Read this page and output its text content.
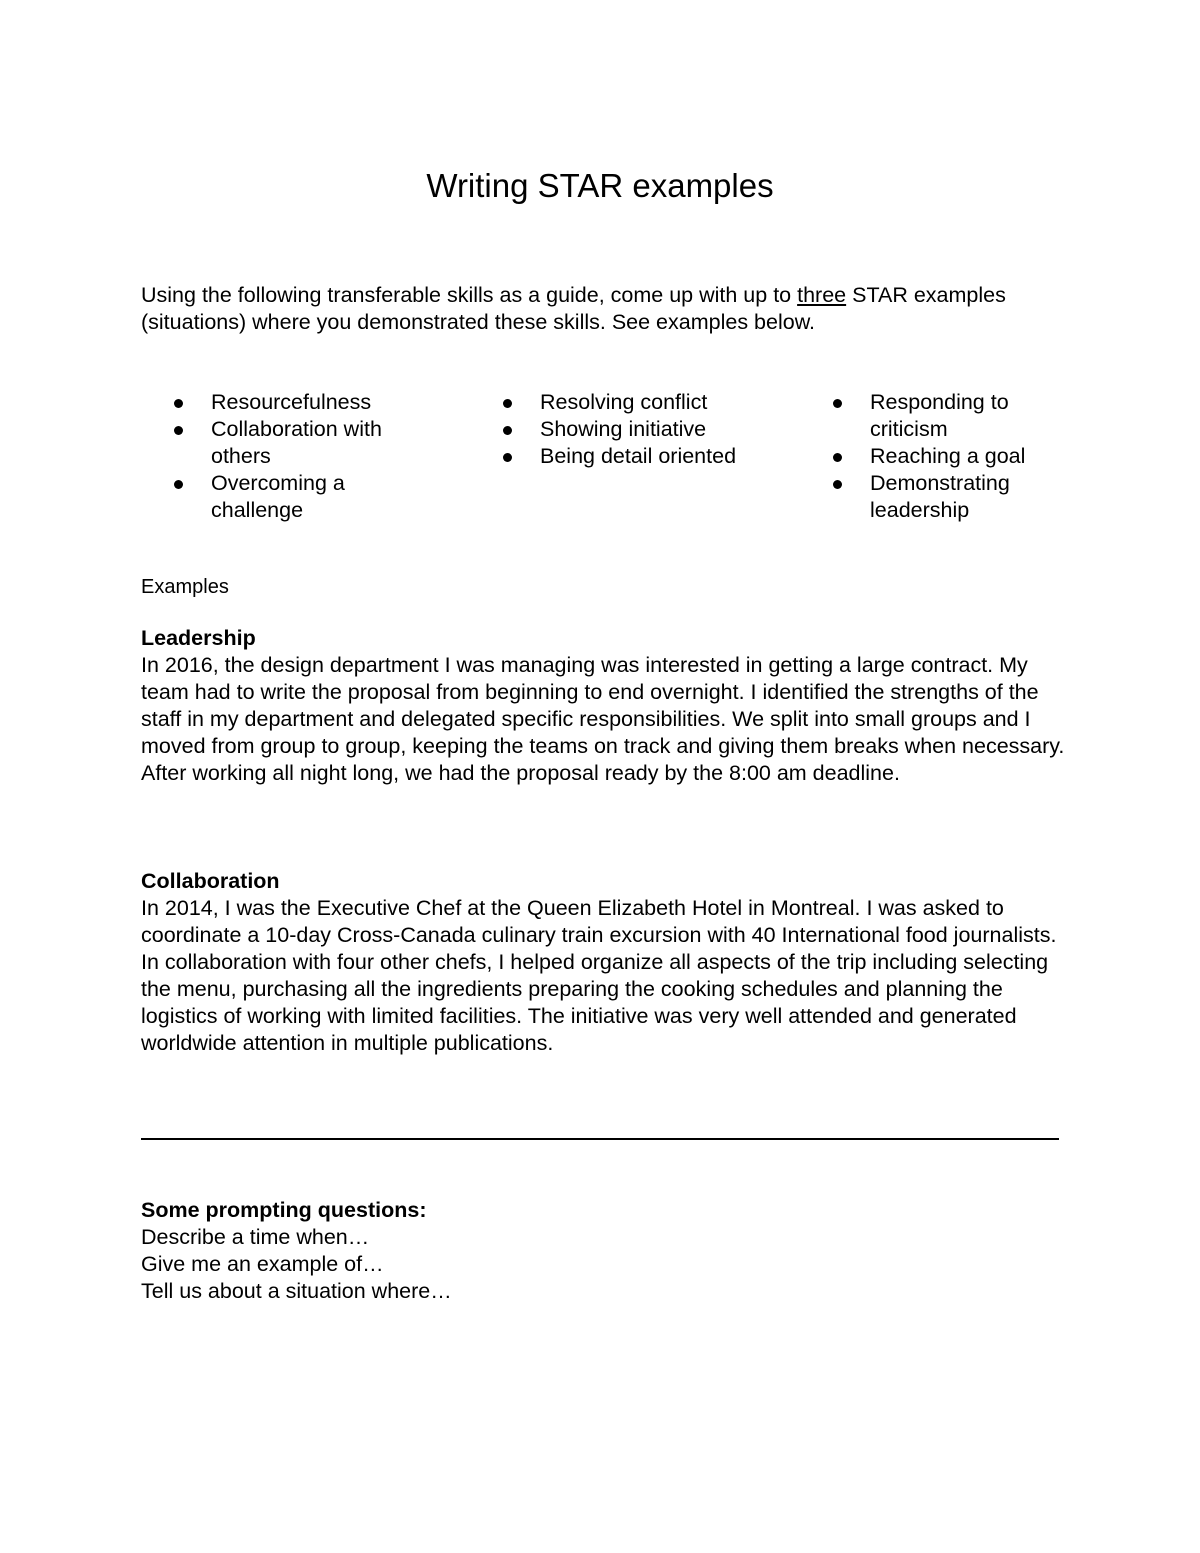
Writing STAR examples

Using the following transferable skills as a guide, come up with up to three STAR examples (situations) where you demonstrated these skills. See examples below.

Resourcefulness
Collaboration with others
Overcoming a challenge
Resolving conflict
Showing initiative
Being detail oriented
Responding to criticism
Reaching a goal
Demonstrating leadership

Examples

Leadership
In 2016, the design department I was managing was interested in getting a large contract. My team had to write the proposal from beginning to end overnight. I identified the strengths of the staff in my department and delegated specific responsibilities. We split into small groups and I moved from group to group, keeping the teams on track and giving them breaks when necessary. After working all night long, we had the proposal ready by the 8:00 am deadline.
Collaboration
In 2014, I was the Executive Chef at the Queen Elizabeth Hotel in Montreal. I was asked to coordinate a 10-day Cross-Canada culinary train excursion with 40 International food journalists. In collaboration with four other chefs, I helped organize all aspects of the trip including selecting the menu, purchasing all the ingredients preparing the cooking schedules and planning the logistics of working with limited facilities. The initiative was very well attended and generated worldwide attention in multiple publications.
Some prompting questions:
Describe a time when…
Give me an example of…
Tell us about a situation where…
